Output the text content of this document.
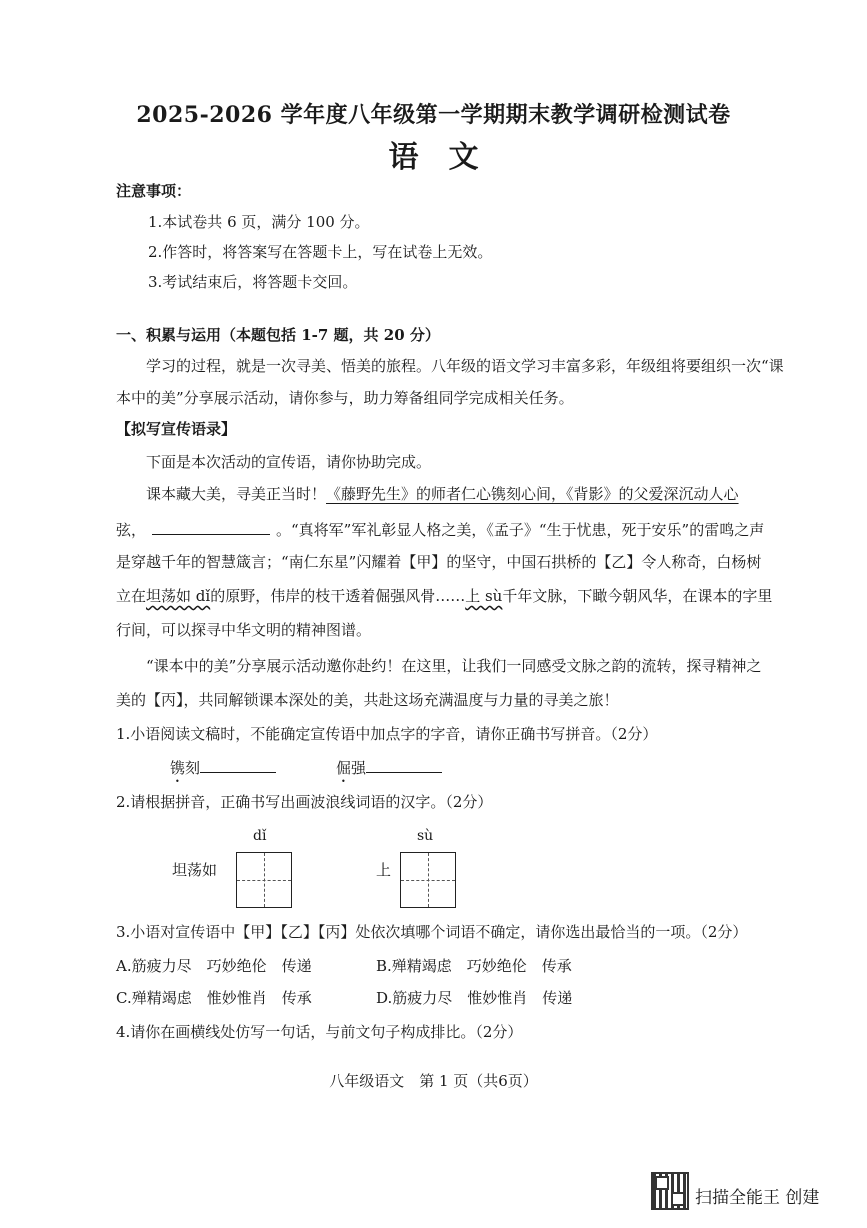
2025-2026 学年度八年级第一学期期末教学调研检测试卷
语文
注意事项：
1.本试卷共 6 页，满分 100 分。
2.作答时，将答案写在答题卡上，写在试卷上无效。
3.考试结束后，将答题卡交回。
一、积累与运用（本题包括 1-7 题，共 20 分）
学习的过程，就是一次寻美、悟美的旅程。八年级的语文学习丰富多彩，年级组将要组织一次“课
本中的美”分享展示活动，请你参与，助力筹备组同学完成相关任务。
【拟写宣传语录】
下面是本次活动的宣传语，请你协助完成。
课本藏大美，寻美正当时！《藤野先生》的师者仁心镌刻心间，《背影》的父爱深沉动人心
弦，	。“真将军”军礼彰显人格之美，《孟子》“生于忧患，死于安乐”的雷鸣之声
是穿越千年的智慧箴言；“南仁东星”闪耀着【甲】的坚守，中国石拱桥的【乙】令人称奇，白杨树
立在坦荡如 dǐ的原野，伟岸的枝干透着倔强风骨……上 sù千年文脉，下瞰今朝风华，在课本的字里
行间，可以探寻中华文明的精神图谱。
“课本中的美”分享展示活动邀你赴约！在这里，让我们一同感受文脉之韵的流转，探寻精神之
美的【丙】，共同解锁课本深处的美，共赴这场充满温度与力量的寻美之旅！
1.小语阅读文稿时，不能确定宣传语中加点字的字音，请你正确书写拼音。（2分）
镌刻	倔强
2.请根据拼音，正确书写出画波浪线词语的汉字。（2分）
dǐ
坦荡如
sù
上
3.小语对宣传语中【甲】【乙】【丙】处依次填哪个词语不确定，请你选出最恰当的一项。（2分）
A.筋疲力尽　巧妙绝伦　传递	B.殚精竭虑　巧妙绝伦　传承
C.殚精竭虑　惟妙惟肖　传承	D.筋疲力尽　惟妙惟肖　传递
4.请你在画横线处仿写一句话，与前文句子构成排比。（2分）
八年级语文　第 1 页（共6页）
扫描全能王 创建
